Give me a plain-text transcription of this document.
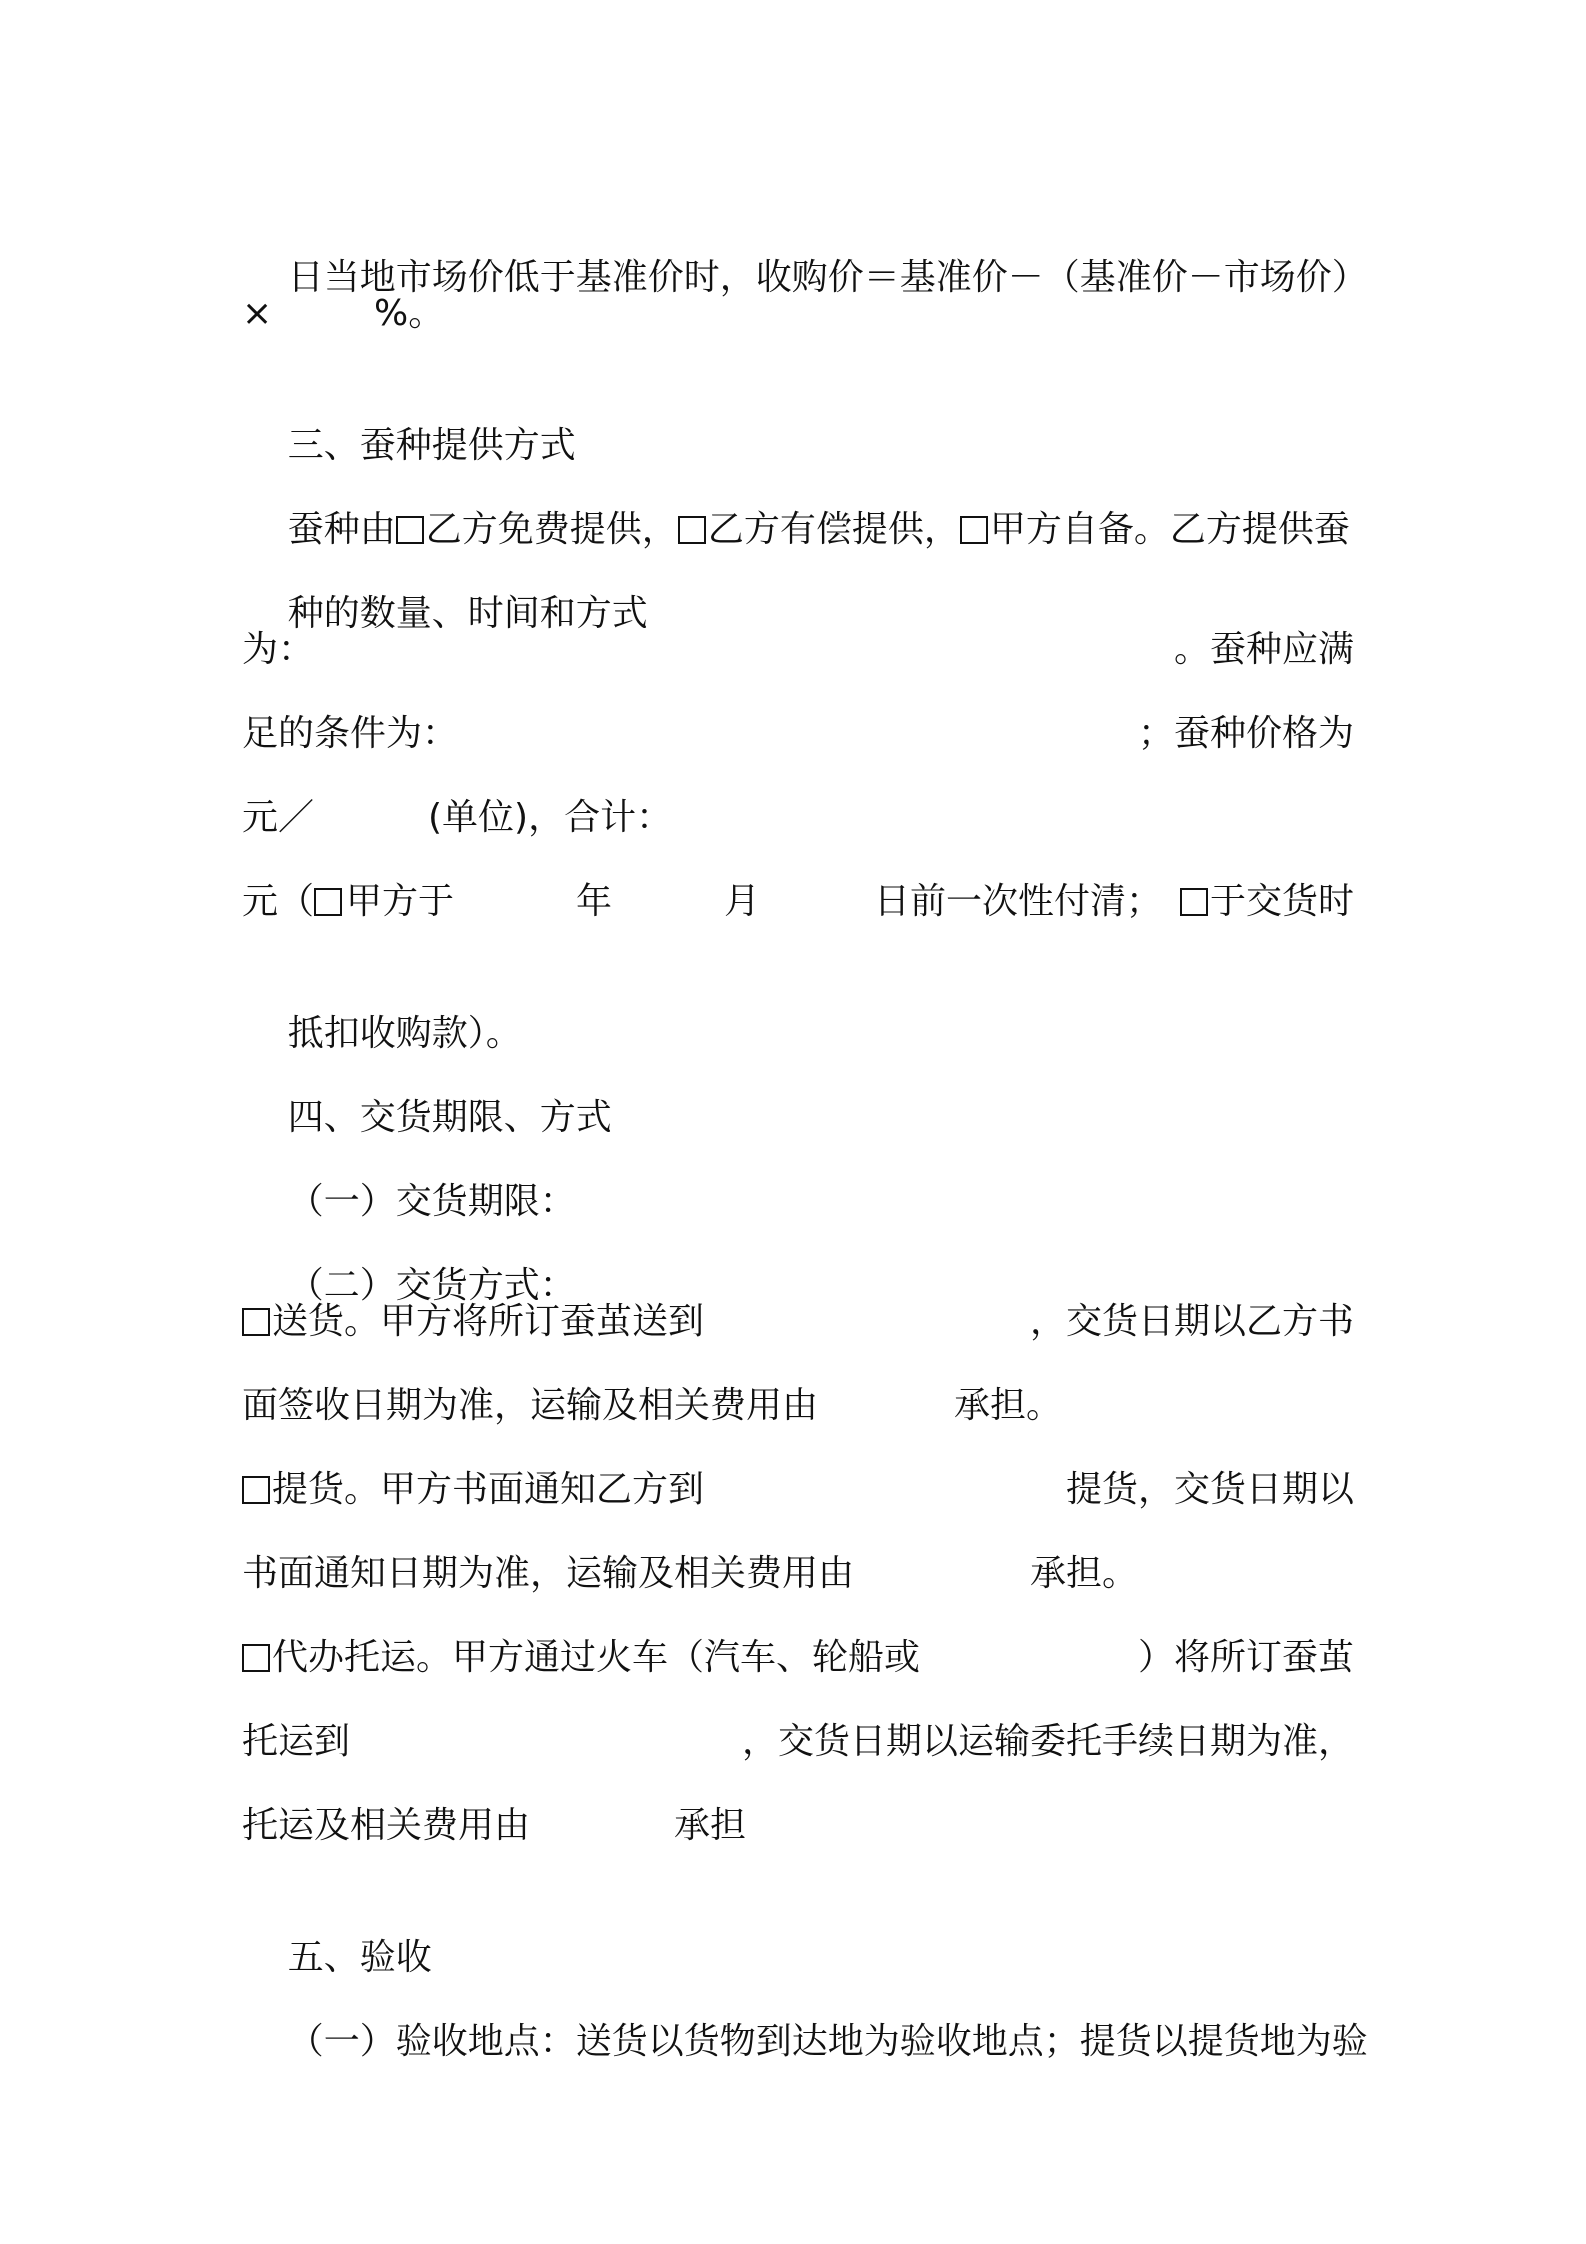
日当地市场价低于基准价时，收购价＝基准价－（基准价－市场价）

×

	%。

三、蚕种提供方式

蚕种由 乙方免费提供， 乙方有偿提供， 甲方自备。乙方提供蚕

种的数量、时间和方式

为：

	。蚕种应满

足的条件为：

	；蚕种价格为

元／

	(单位)，合计：

元（

甲方于

	年

	月

	日前一次性付清；

	于交货时

抵扣收购款）。

四、交货期限、方式

（一）交货期限：

（二）交货方式：

送货。甲方将所订蚕茧送到

	，交货日期以乙方书

面签收日期为准，运输及相关费用由

	承担。

提货。甲方书面通知乙方到

	提货，交货日期以

书面通知日期为准，运输及相关费用由

	承担。

代办托运。甲方通过火车（汽车、轮船或

	）将所订蚕茧

托运到

	，交货日期以运输委托手续日期为准，

托运及相关费用由

	承担

五、验收

（一）验收地点：送货以货物到达地为验收地点；提货以提货地为验
